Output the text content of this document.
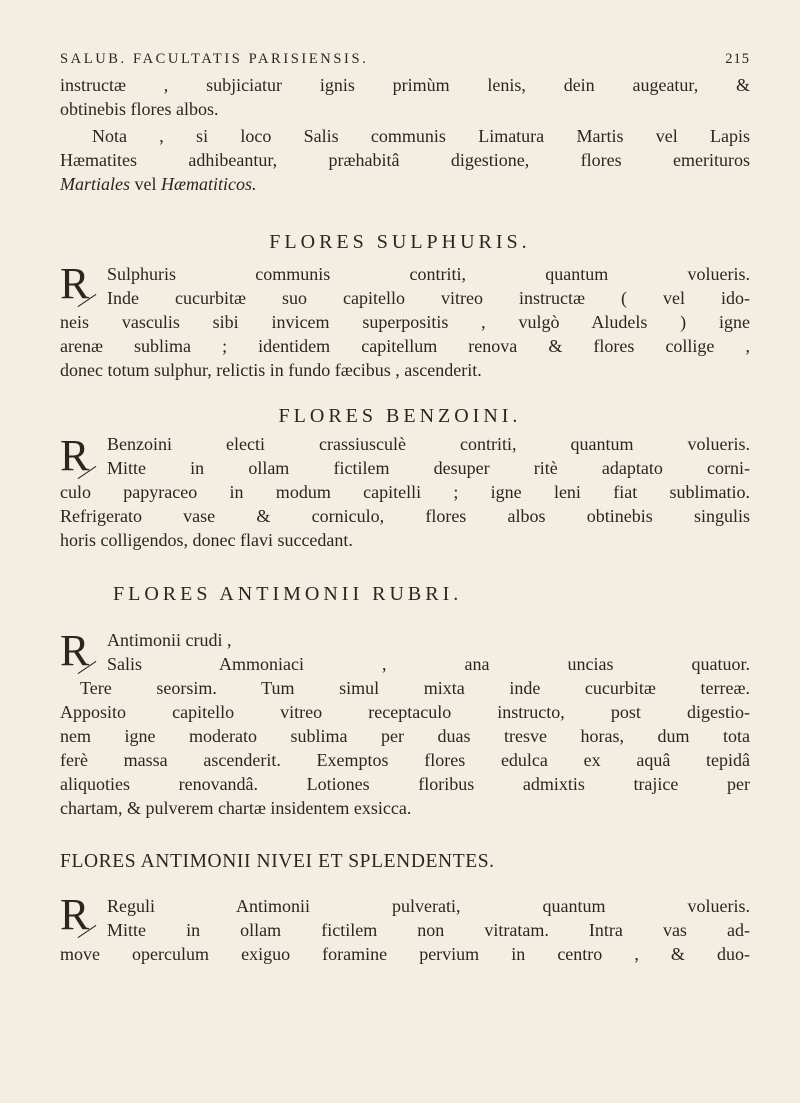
SALUB. FACULTATIS PARISIENSIS.	215
instructæ , subjiciatur ignis primùm lenis, dein augeatur, &
obtinebis flores albos.
Nota , si loco Salis communis Limatura Martis vel Lapis
Hæmatites adhibeantur, præhabitâ digestione, flores emerituros
Martiales vel Hæmatiticos.
FLORES SULPHURIS.
R Sulphuris communis contriti, quantum volueris.
Inde cucurbitæ suo capitello vitreo instructæ ( vel ido-
neis vasculis sibi invicem superpositis , vulgò Aludels ) igne
arenæ sublima ; identidem capitellum renova & flores collige ,
donec totum sulphur, relictis in fundo fæcibus , ascenderit.
FLORES BENZOINI.
R Benzoini electi crassiusculè contriti, quantum volueris.
Mitte in ollam fictilem desuper ritè adaptato corni-
culo papyraceo in modum capitelli ; igne leni fiat sublimatio.
Refrigerato vase & corniculo, flores albos obtinebis singulis
horis colligendos, donec flavi succedant.
FLORES ANTIMONII RUBRI.
R Antimonii crudi ,
Salis Ammoniaci , ana uncias quatuor.
Tere seorsim. Tum simul mixta inde cucurbitæ terreæ.
Apposito capitello vitreo receptaculo instructo, post digestio-
nem igne moderato sublima per duas tresve horas, dum tota
ferè massa ascenderit. Exemptos flores edulca ex aquâ tepidâ
aliquoties renovandâ. Lotiones floribus admixtis trajice per
chartam, & pulverem chartæ insidentem exsicca.
FLORES ANTIMONII NIVEI ET SPLENDENTES.
R Reguli Antimonii pulverati, quantum volueris.
Mitte in ollam fictilem non vitratam. Intra vas ad-
move operculum exiguo foramine pervium in centro , & duo-
